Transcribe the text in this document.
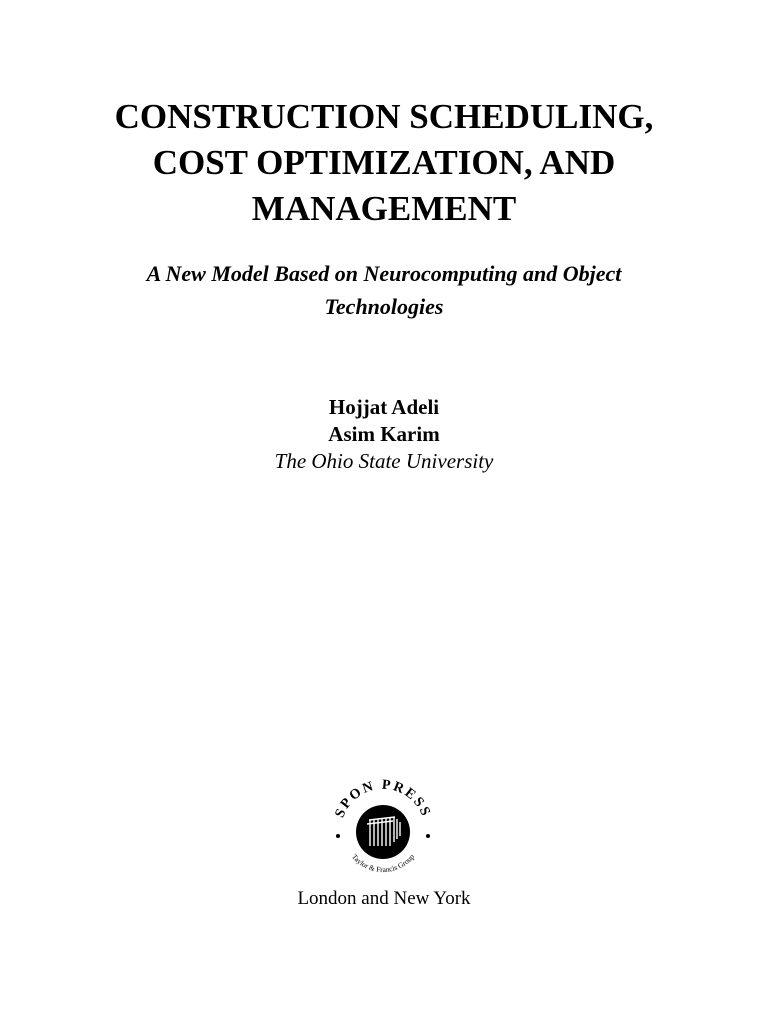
CONSTRUCTION SCHEDULING,
COST OPTIMIZATION, AND
MANAGEMENT
A New Model Based on Neurocomputing and Object
Technologies
Hojjat Adeli
Asim Karim
The Ohio State University
SPON PRESS
Taylor & Francis Group
London and New York
